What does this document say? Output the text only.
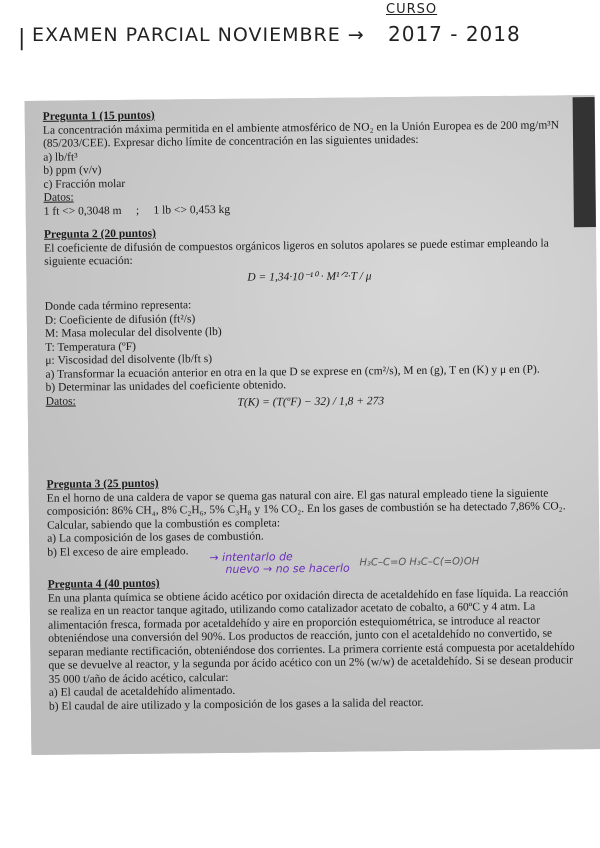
| EXAMEN PARCIAL NOVIEMBRE →
CURSO
2017 - 2018
Pregunta 1 (15 puntos)
La concentración máxima permitida en el ambiente atmosférico de NO₂ en la Unión Europea es de 200 mg/m³N (85/203/CEE). Expresar dicho límite de concentración en las siguientes unidades:
a) lb/ft³
b) ppm (v/v)
c) Fracción molar
Datos:
1 ft <> 0,3048 m     ;     1 lb <> 0,453 kg
Pregunta 2 (20 puntos)
El coeficiente de difusión de compuestos orgánicos ligeros en solutos apolares se puede estimar empleando la siguiente ecuación:
D = 1,34·10⁻¹⁰ · M¹ᐟ²·T / μ
Donde cada término representa:
D: Coeficiente de difusión (ft²/s)
M: Masa molecular del disolvente (lb)
T: Temperatura (ºF)
μ: Viscosidad del disolvente (lb/ft s)
a) Transformar la ecuación anterior en otra en la que D se exprese en (cm²/s), M en (g), T en (K) y μ en (P).
b) Determinar las unidades del coeficiente obtenido.
Datos:	T(K) = (T(ºF) − 32) / 1,8 + 273
Pregunta 3 (25 puntos)
En el horno de una caldera de vapor se quema gas natural con aire. El gas natural empleado tiene la siguiente composición: 86% CH₄, 8% C₂H₆, 5% C₃H₈ y 1% CO₂. En los gases de combustión se ha detectado 7,86% CO₂. Calcular, sabiendo que la combustión es completa:
a) La composición de los gases de combustión.
b) El exceso de aire empleado.	→ intentarlo de
nuevo → no se hacerlo H₃C–C=O H₃C–C(=O)OH
Pregunta 4 (40 puntos)
En una planta química se obtiene ácido acético por oxidación directa de acetaldehído en fase líquida. La reacción se realiza en un reactor tanque agitado, utilizando como catalizador acetato de cobalto, a 60ºC y 4 atm. La alimentación fresca, formada por acetaldehído y aire en proporción estequiométrica, se introduce al reactor obteniéndose una conversión del 90%. Los productos de reacción, junto con el acetaldehído no convertido, se separan mediante rectificación, obteniéndose dos corrientes. La primera corriente está compuesta por acetaldehído que se devuelve al reactor, y la segunda por ácido acético con un 2% (w/w) de acetaldehído. Si se desean producir 35 000 t/año de ácido acético, calcular:
a) El caudal de acetaldehído alimentado.
b) El caudal de aire utilizado y la composición de los gases a la salida del reactor.
